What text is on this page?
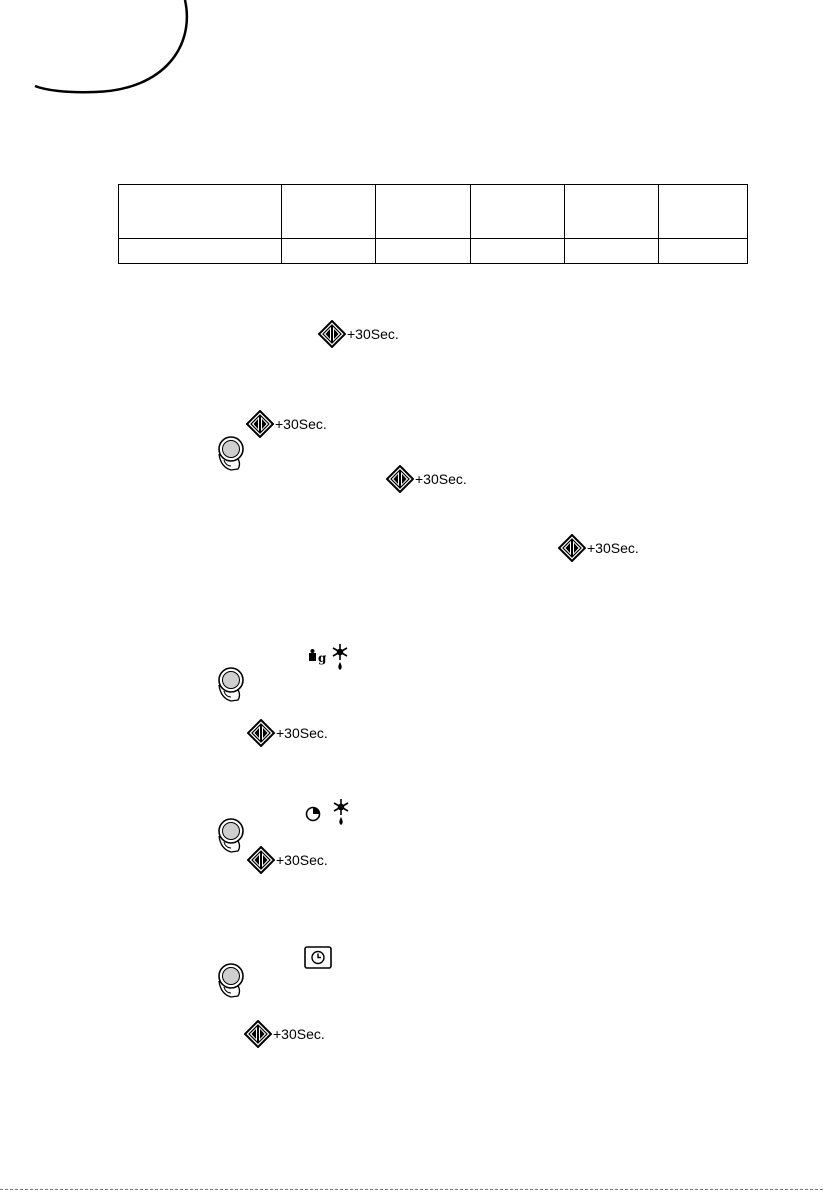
+30Sec.
+30Sec.
+30Sec.
+30Sec.
+30Sec.
+30Sec.
+30Sec.
g
